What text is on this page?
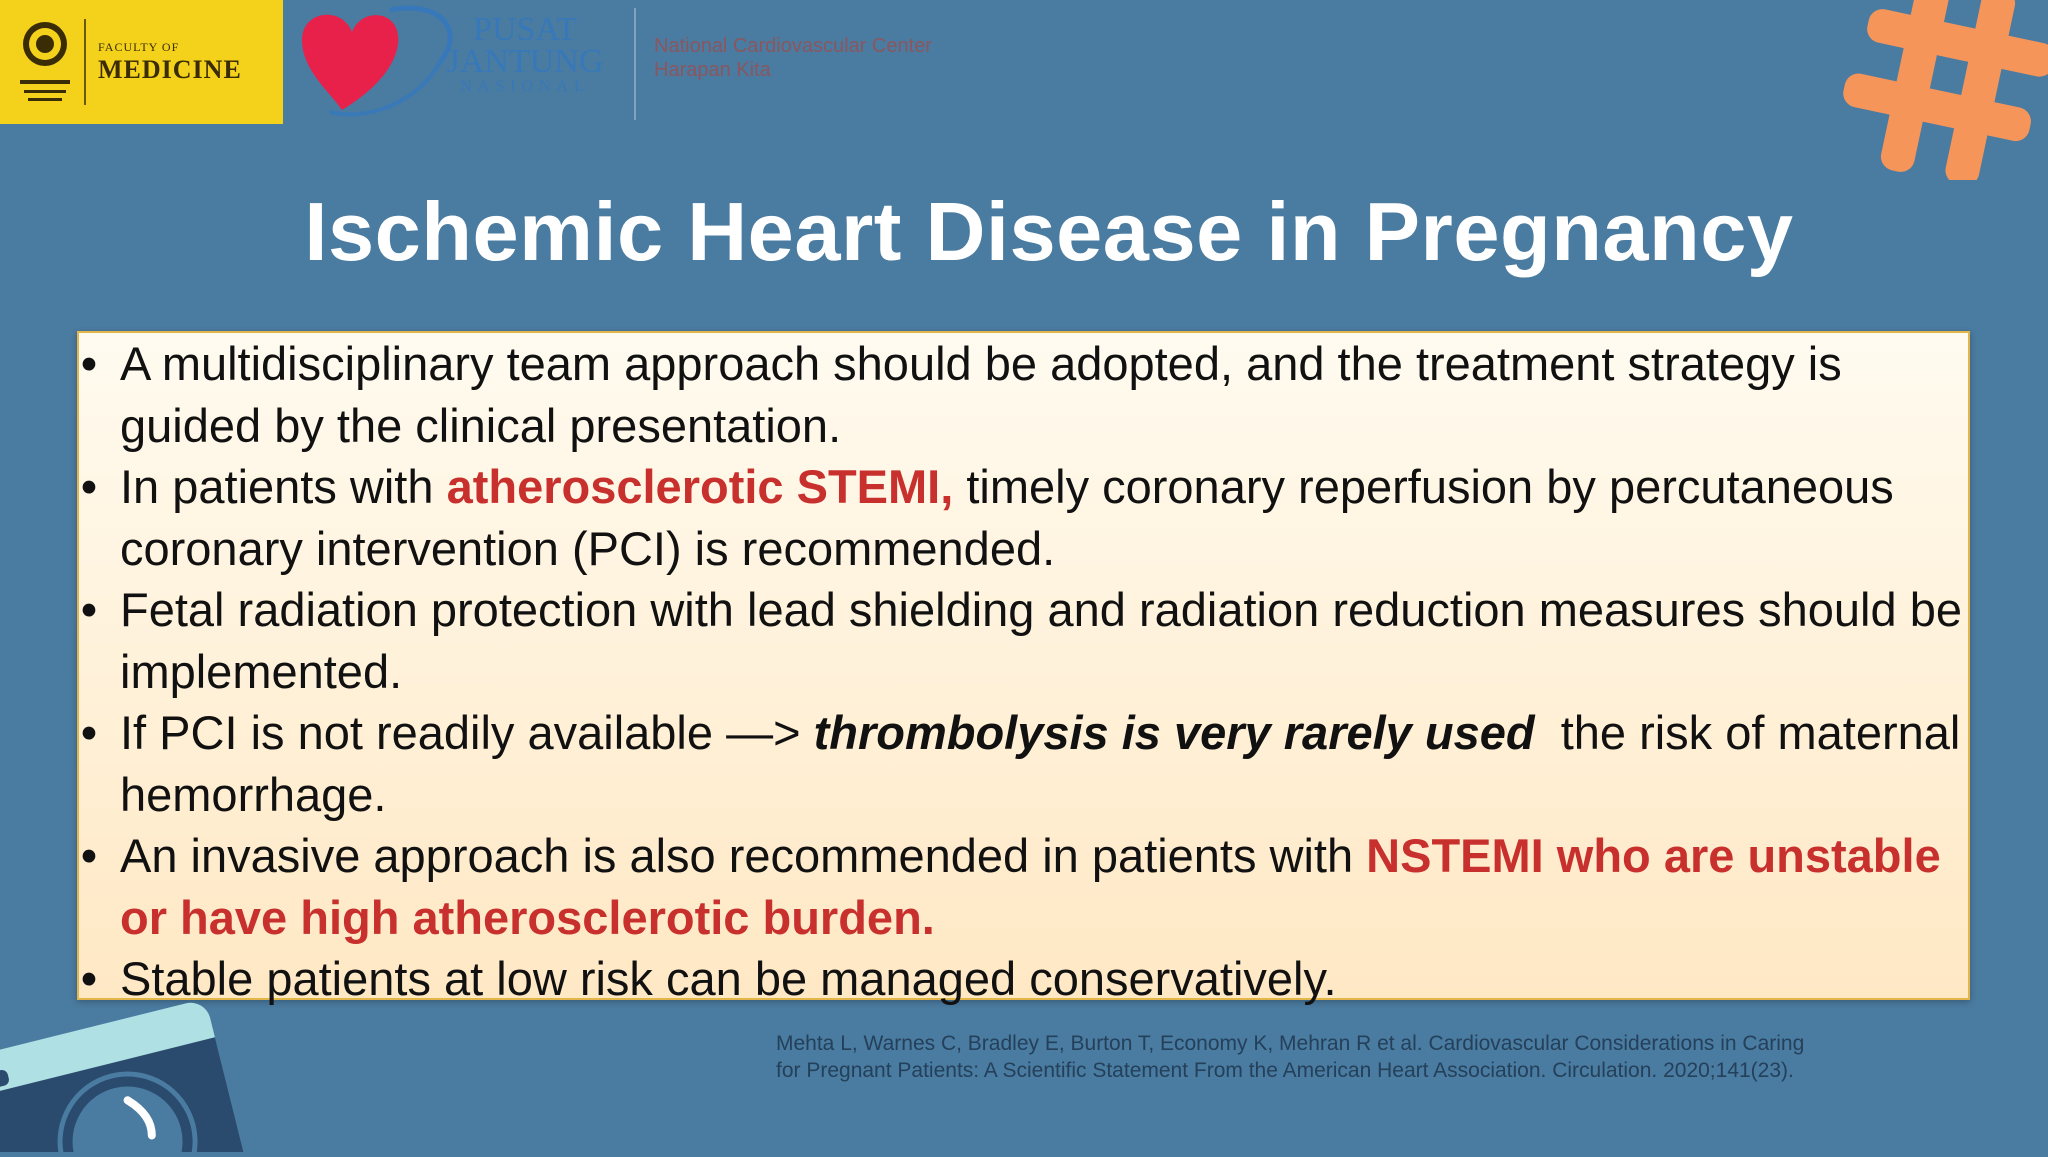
FACULTY OF
MEDICINE
PUSAT
JANTUNG
NASIONAL
National Cardiovascular Center
Harapan Kita
Ischemic Heart Disease in Pregnancy
• A multidisciplinary team approach should be adopted, and the treatment strategy is guided by the clinical presentation.
• In patients with atherosclerotic STEMI, timely coronary reperfusion by percutaneous coronary intervention (PCI) is recommended.
• Fetal radiation protection with lead shielding and radiation reduction measures should be implemented.
• If PCI is not readily available —> thrombolysis is very rarely used  the risk of maternal hemorrhage.
• An invasive approach is also recommended in patients with NSTEMI who are unstable or have high atherosclerotic burden.
• Stable patients at low risk can be managed conservatively.
Mehta L, Warnes C, Bradley E, Burton T, Economy K, Mehran R et al. Cardiovascular Considerations in Caring
for Pregnant Patients: A Scientific Statement From the American Heart Association. Circulation. 2020;141(23).
